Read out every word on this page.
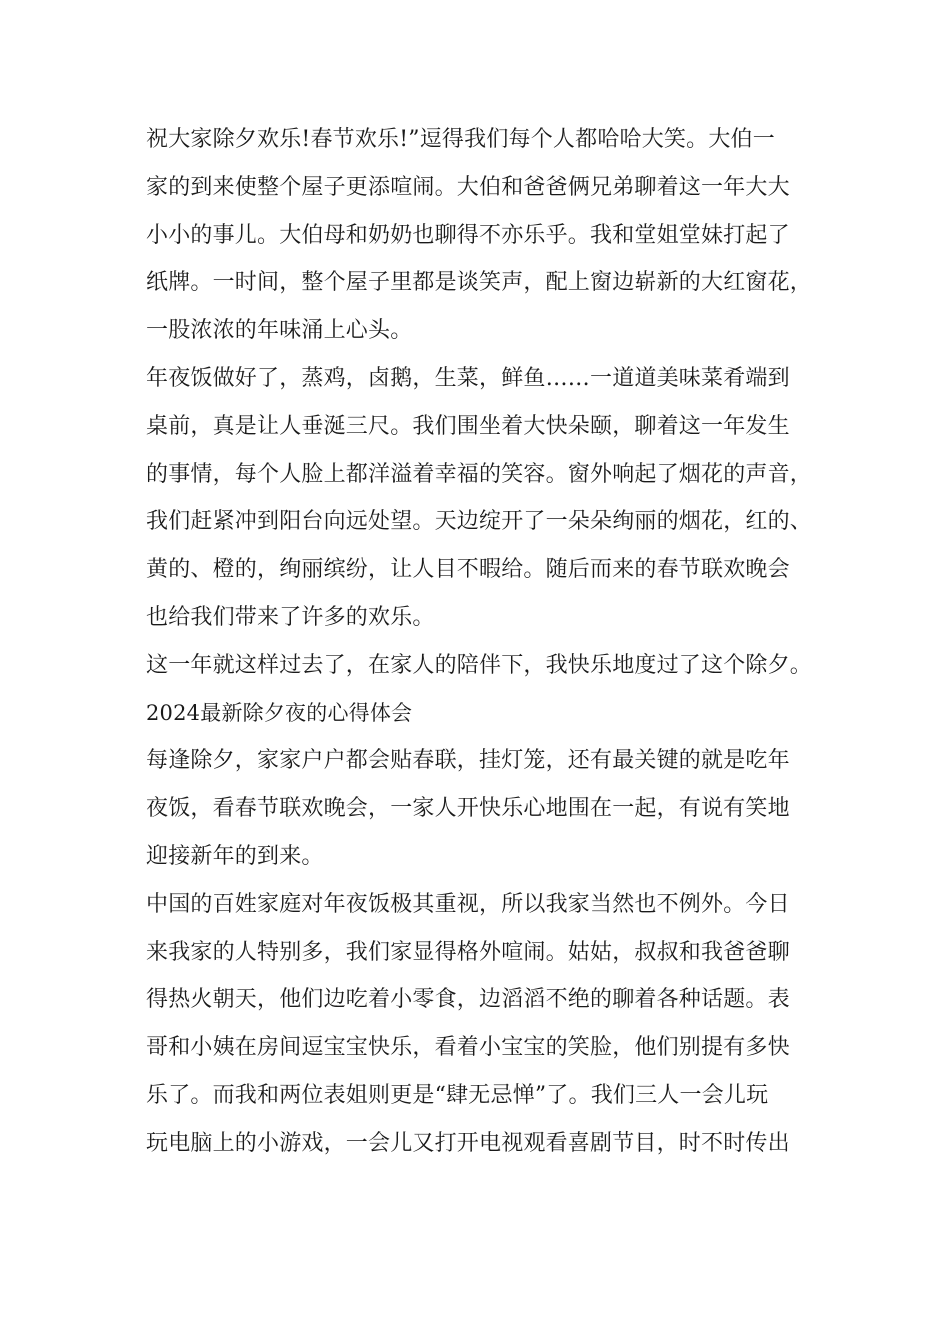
祝大家除夕欢乐!春节欢乐!”逗得我们每个人都哈哈大笑。大伯一
家的到来使整个屋子更添喧闹。大伯和爸爸俩兄弟聊着这一年大大
小小的事儿。大伯母和奶奶也聊得不亦乐乎。我和堂姐堂妹打起了
纸牌。一时间，整个屋子里都是谈笑声，配上窗边崭新的大红窗花，
一股浓浓的年味涌上心头。
年夜饭做好了，蒸鸡，卤鹅，生菜，鲜鱼……一道道美味菜肴端到
桌前，真是让人垂涎三尺。我们围坐着大快朵颐，聊着这一年发生
的事情，每个人脸上都洋溢着幸福的笑容。窗外响起了烟花的声音，
我们赶紧冲到阳台向远处望。天边绽开了一朵朵绚丽的烟花，红的、
黄的、橙的，绚丽缤纷，让人目不暇给。随后而来的春节联欢晚会
也给我们带来了许多的欢乐。
这一年就这样过去了，在家人的陪伴下，我快乐地度过了这个除夕。
2024最新除夕夜的心得体会
每逢除夕，家家户户都会贴春联，挂灯笼，还有最关键的就是吃年
夜饭，看春节联欢晚会，一家人开快乐心地围在一起，有说有笑地
迎接新年的到来。
中国的百姓家庭对年夜饭极其重视，所以我家当然也不例外。今日
来我家的人特别多，我们家显得格外喧闹。姑姑，叔叔和我爸爸聊
得热火朝天，他们边吃着小零食，边滔滔不绝的聊着各种话题。表
哥和小姨在房间逗宝宝快乐，看着小宝宝的笑脸，他们别提有多快
乐了。而我和两位表姐则更是“肆无忌惮”了。我们三人一会儿玩
玩电脑上的小游戏，一会儿又打开电视观看喜剧节目，时不时传出
